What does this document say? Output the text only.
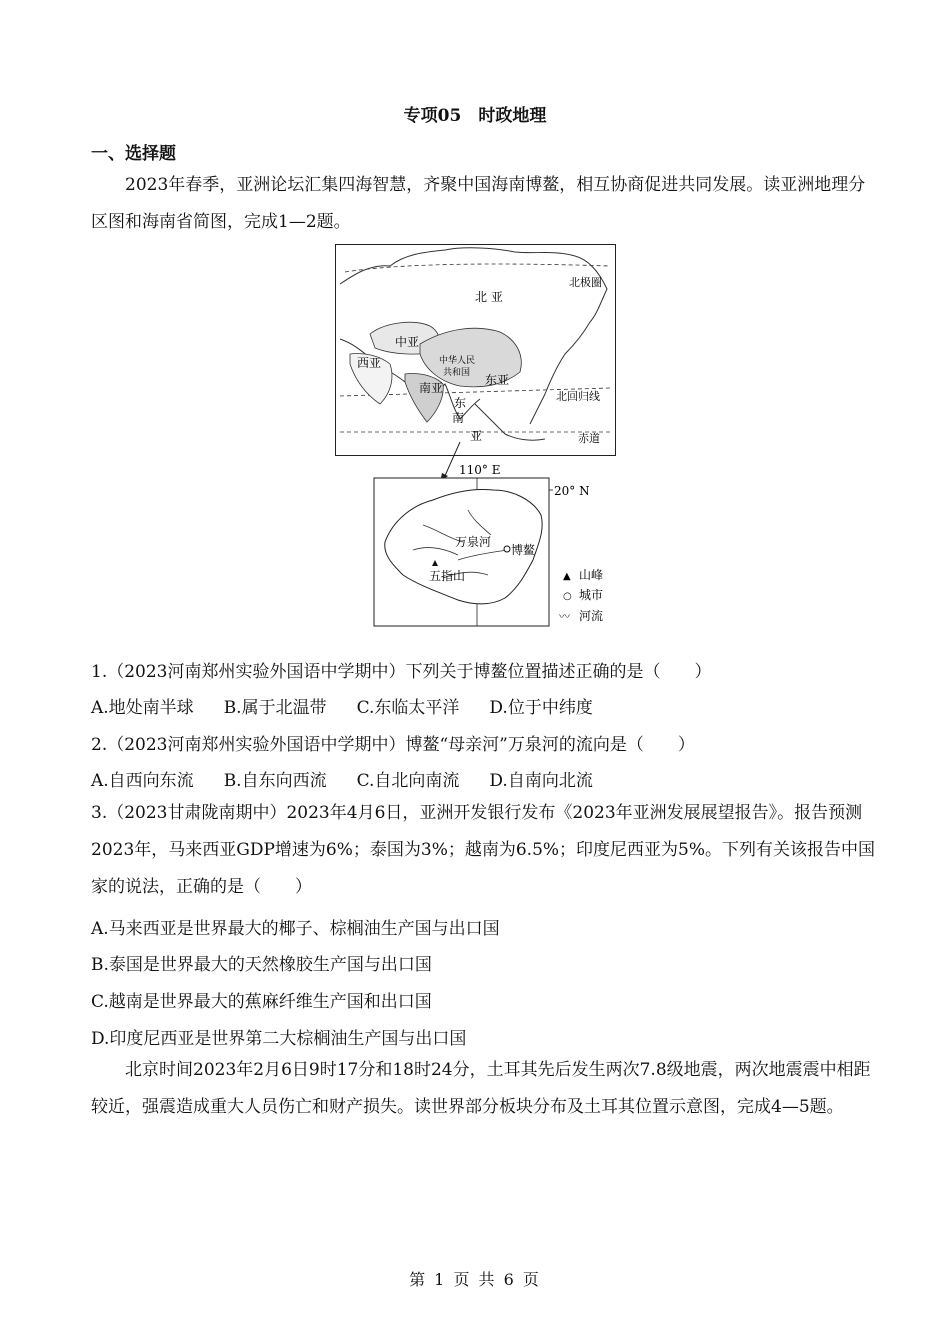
专项05　时政地理
一、选择题
2023年春季，亚洲论坛汇集四海智慧，齐聚中国海南博鳌，相互协商促进共同发展。读亚洲地理分区图和海南省简图，完成1—2题。
北 亚
北极圈
中亚
西亚	中华人民
共和国 东亚
南亚
东
南
亚
北回归线
赤道
110° E
20° N
万泉河
博鳌
五指山	▲ 山峰
○ 城市
〰 河流
1.（2023河南郑州实验外国语中学期中）下列关于博鳌位置描述正确的是（　　）
A.地处南半球 B.属于北温带 C.东临太平洋 D.位于中纬度
2.（2023河南郑州实验外国语中学期中）博鳌“母亲河”万泉河的流向是（　　）
A.自西向东流 B.自东向西流 C.自北向南流 D.自南向北流
3.（2023甘肃陇南期中）2023年4月6日，亚洲开发银行发布《2023年亚洲发展展望报告》。报告预测2023年，马来西亚GDP增速为6%；泰国为3%；越南为6.5%；印度尼西亚为5%。下列有关该报告中国家的说法，正确的是（　　）
A.马来西亚是世界最大的椰子、棕榈油生产国与出口国
B.泰国是世界最大的天然橡胶生产国与出口国
C.越南是世界最大的蕉麻纤维生产国和出口国
D.印度尼西亚是世界第二大棕榈油生产国与出口国
北京时间2023年2月6日9时17分和18时24分，土耳其先后发生两次7.8级地震，两次地震震中相距较近，强震造成重大人员伤亡和财产损失。读世界部分板块分布及土耳其位置示意图，完成4—5题。
第 1 页 共 6 页
